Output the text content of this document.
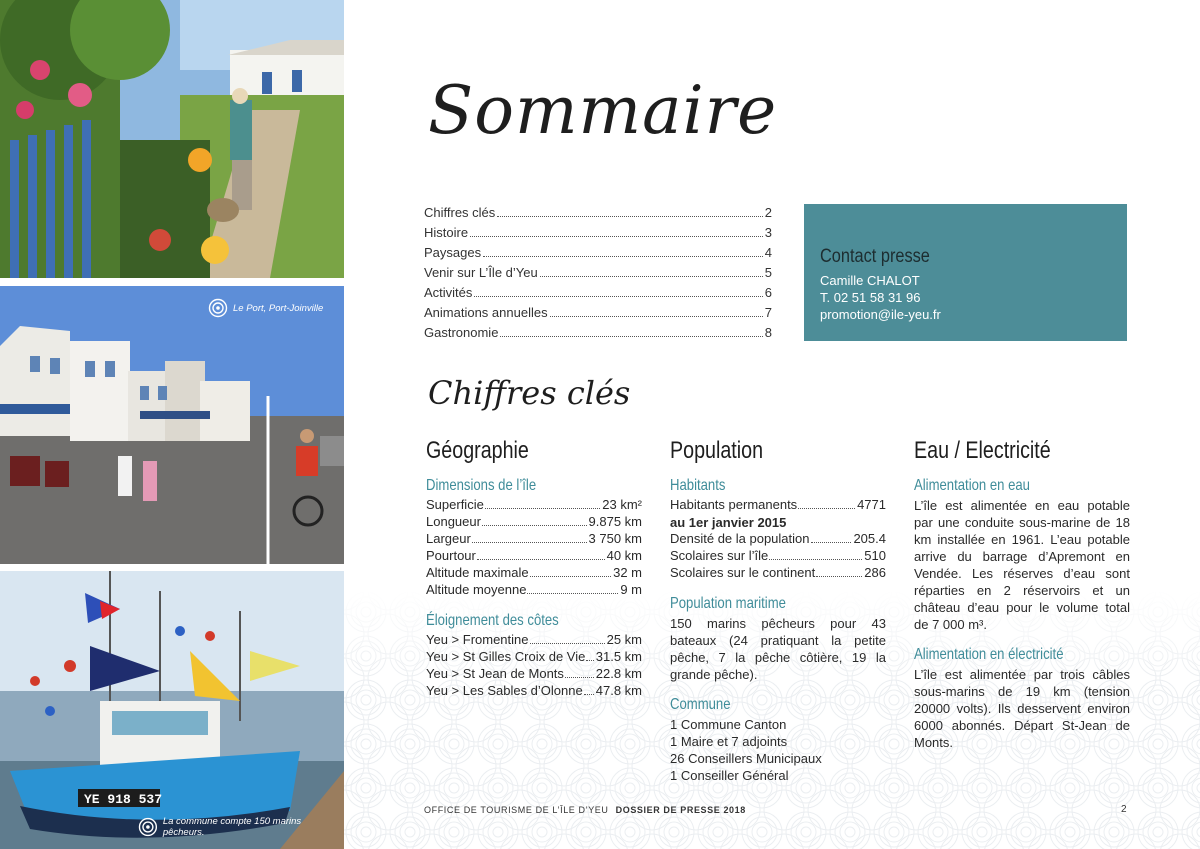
Le Port, Port-Joinville
YE 918 537
La commune compte 150 marins pêcheurs.
Sommaire
Chiffres clés	2
Histoire	3
Paysages	4
Venir sur L’Île d’Yeu	5
Activités	6
Animations annuelles	7
Gastronomie	8
Contact presse
Camille CHALOT
T. 02 51 58 31 96
promotion@ile-yeu.fr
Chiffres clés
Géographie
Dimensions de l’île
Superficie	23 km²
Longueur	9.875 km
Largeur	3 750 km
Pourtour	40 km
Altitude maximale	32 m
Altitude moyenne	9 m
Éloignement des côtes
Yeu > Fromentine	25 km
Yeu > St Gilles Croix de Vie 31.5 km
Yeu > St Jean de Monts 22.8 km
Yeu > Les Sables d’Olonne 47.8 km
Population
Habitants
Habitants permanents	4771
au 1er janvier 2015
Densité de la population	205.4
Scolaires sur l’île	510
Scolaires sur le continent	286
Population maritime
150 marins pêcheurs pour 43 bateaux (24 pratiquant la petite pêche, 7 la pêche côtière, 19 la grande pêche).
Commune
1 Commune Canton
1 Maire et 7 adjoints
26 Conseillers Municipaux
1 Conseiller Général
Eau / Electricité
Alimentation en eau
L’île est alimentée en eau potable par une conduite sous-marine de 18 km installée en 1961. L’eau potable arrive du barrage d’Apremont en Vendée. Les réserves d’eau sont réparties en 2 réservoirs et un château d’eau pour le volume total de 7 000 m³.
Alimentation en électricité
L’île est alimentée par trois câbles sous-marins de 19 km (tension 20000 volts). Ils desservent environ 6000 abonnés. Départ St-Jean de Monts.
OFFICE DE TOURISME DE L’ÎLE D’YEU DOSSIER DE PRESSE 2018	2
